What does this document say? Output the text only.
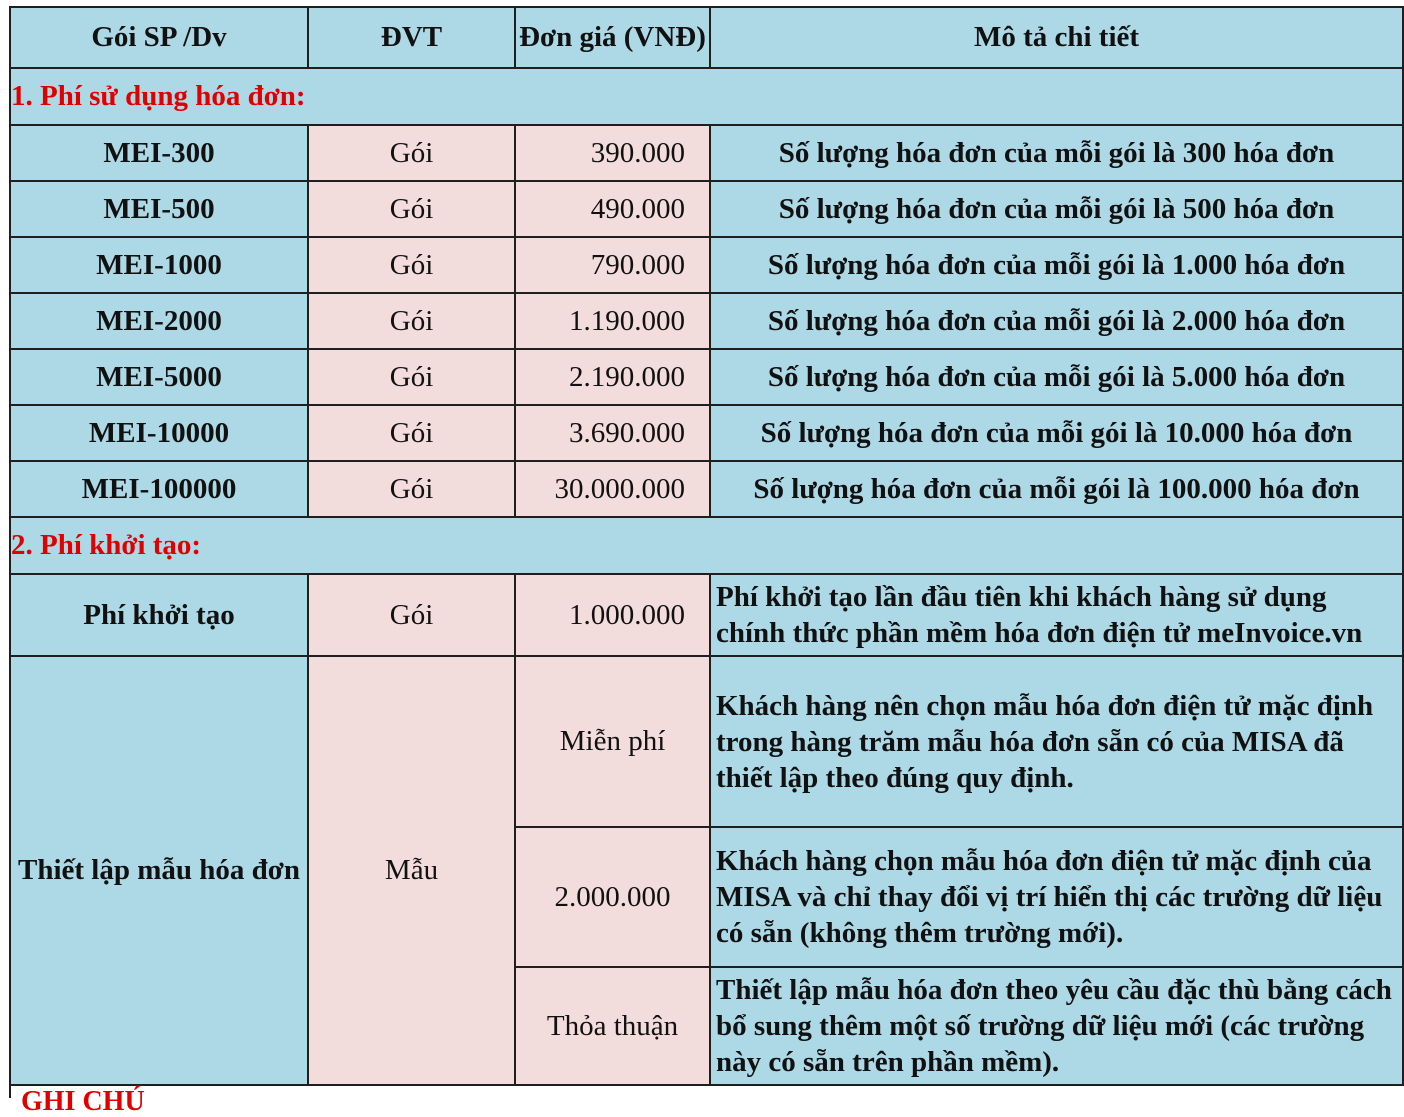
Gói SP /Dv	ĐVT	Đơn giá (VNĐ)	Mô tả chi tiết
1. Phí sử dụng hóa đơn:			
MEI-300	Gói	390.000	Số lượng hóa đơn của mỗi gói là 300 hóa đơn
MEI-500	Gói	490.000	Số lượng hóa đơn của mỗi gói là 500 hóa đơn
MEI-1000	Gói	790.000	Số lượng hóa đơn của mỗi gói là 1.000 hóa đơn
MEI-2000	Gói	1.190.000	Số lượng hóa đơn của mỗi gói là 2.000 hóa đơn
MEI-5000	Gói	2.190.000	Số lượng hóa đơn của mỗi gói là 5.000 hóa đơn
MEI-10000	Gói	3.690.000	Số lượng hóa đơn của mỗi gói là 10.000 hóa đơn
MEI-100000	Gói	30.000.000	Số lượng hóa đơn của mỗi gói là 100.000 hóa đơn
2. Phí khởi tạo:			
Phí khởi tạo	Gói	1.000.000	Phí khởi tạo lần đầu tiên khi khách hàng sử dụng chính thức phần mềm hóa đơn điện tử meInvoice.vn
Thiết lập mẫu hóa đơn	Mẫu	Miễn phí	Khách hàng nên chọn mẫu hóa đơn điện tử mặc định trong hàng trăm mẫu hóa đơn sẵn có của MISA đã thiết lập theo đúng quy định.
		2.000.000	Khách hàng chọn mẫu hóa đơn điện tử mặc định của MISA và chỉ thay đổi vị trí hiển thị các trường dữ liệu có sẵn (không thêm trường mới).
		Thỏa thuận	Thiết lập mẫu hóa đơn theo yêu cầu đặc thù bằng cách bổ sung thêm một số trường dữ liệu mới (các trường này có sẵn trên phần mềm).
GHI CHÚ
